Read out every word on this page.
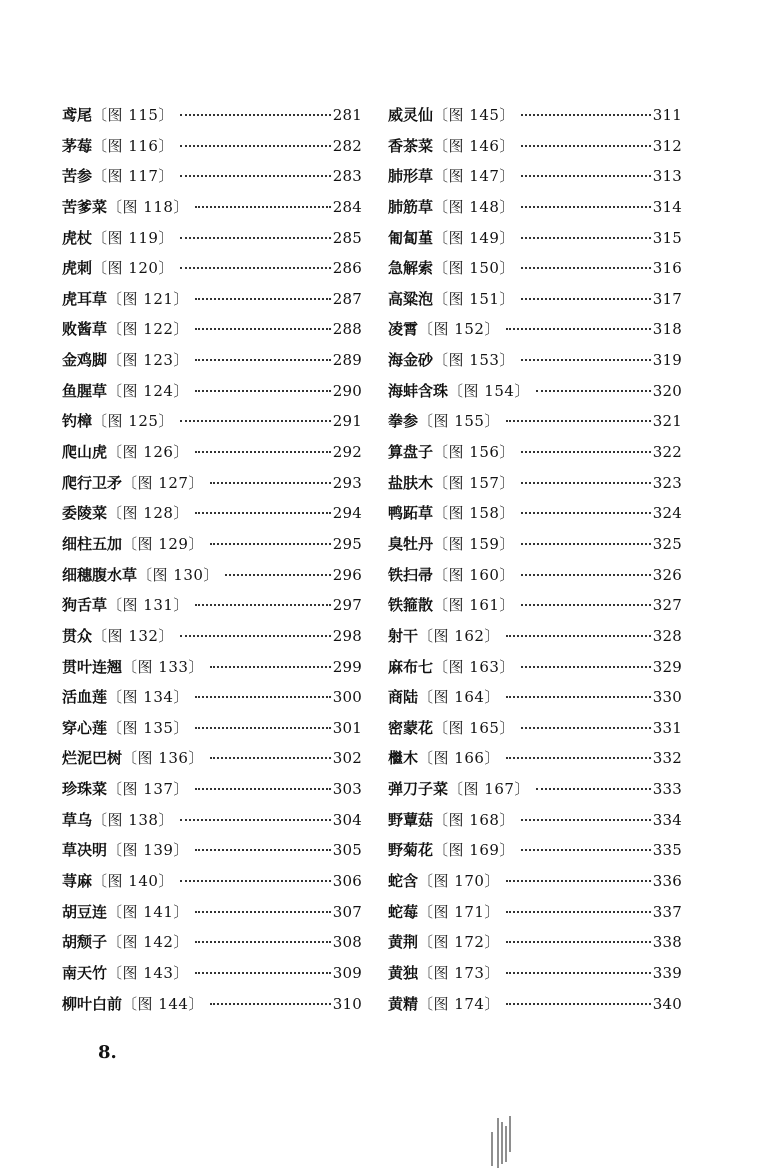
鸢尾 〔图 115〕	281
茅莓 〔图 116〕	282
苦参 〔图 117〕	283
苦爹菜 〔图 118〕	284
虎杖 〔图 119〕	285
虎刺 〔图 120〕	286
虎耳草 〔图 121〕	287
败酱草 〔图 122〕	288
金鸡脚 〔图 123〕	289
鱼腥草 〔图 124〕	290
钓樟 〔图 125〕	291
爬山虎 〔图 126〕	292
爬行卫矛 〔图 127〕	293
委陵菜 〔图 128〕	294
细柱五加 〔图 129〕	295
细穗腹水草 〔图 130〕	296
狗舌草 〔图 131〕	297
贯众 〔图 132〕	298
贯叶连翘 〔图 133〕	299
活血莲 〔图 134〕	300
穿心莲 〔图 135〕	301
烂泥巴树 〔图 136〕	302
珍珠菜 〔图 137〕	303
草乌 〔图 138〕	304
草决明 〔图 139〕	305
荨麻 〔图 140〕	306
胡豆连 〔图 141〕	307
胡颓子 〔图 142〕	308
南天竹 〔图 143〕	309
柳叶白前 〔图 144〕	310
威灵仙 〔图 145〕	311
香茶菜 〔图 146〕	312
肺形草 〔图 147〕	313
肺筋草 〔图 148〕	314
匍匐堇 〔图 149〕	315
急解索 〔图 150〕	316
高粱泡 〔图 151〕	317
凌霄 〔图 152〕	318
海金砂 〔图 153〕	319
海蚌含珠 〔图 154〕	320
拳参 〔图 155〕	321
算盘子 〔图 156〕	322
盐肤木 〔图 157〕	323
鸭跖草 〔图 158〕	324
臭牡丹 〔图 159〕	325
铁扫帚 〔图 160〕	326
铁箍散 〔图 161〕	327
射干 〔图 162〕	328
麻布七 〔图 163〕	329
商陆 〔图 164〕	330
密蒙花 〔图 165〕	331
檵木 〔图 166〕	332
弹刀子菜 〔图 167〕	333
野蕈菇 〔图 168〕	334
野菊花 〔图 169〕	335
蛇含 〔图 170〕	336
蛇莓 〔图 171〕	337
黄荆 〔图 172〕	338
黄独 〔图 173〕	339
黄精 〔图 174〕	340
8.
